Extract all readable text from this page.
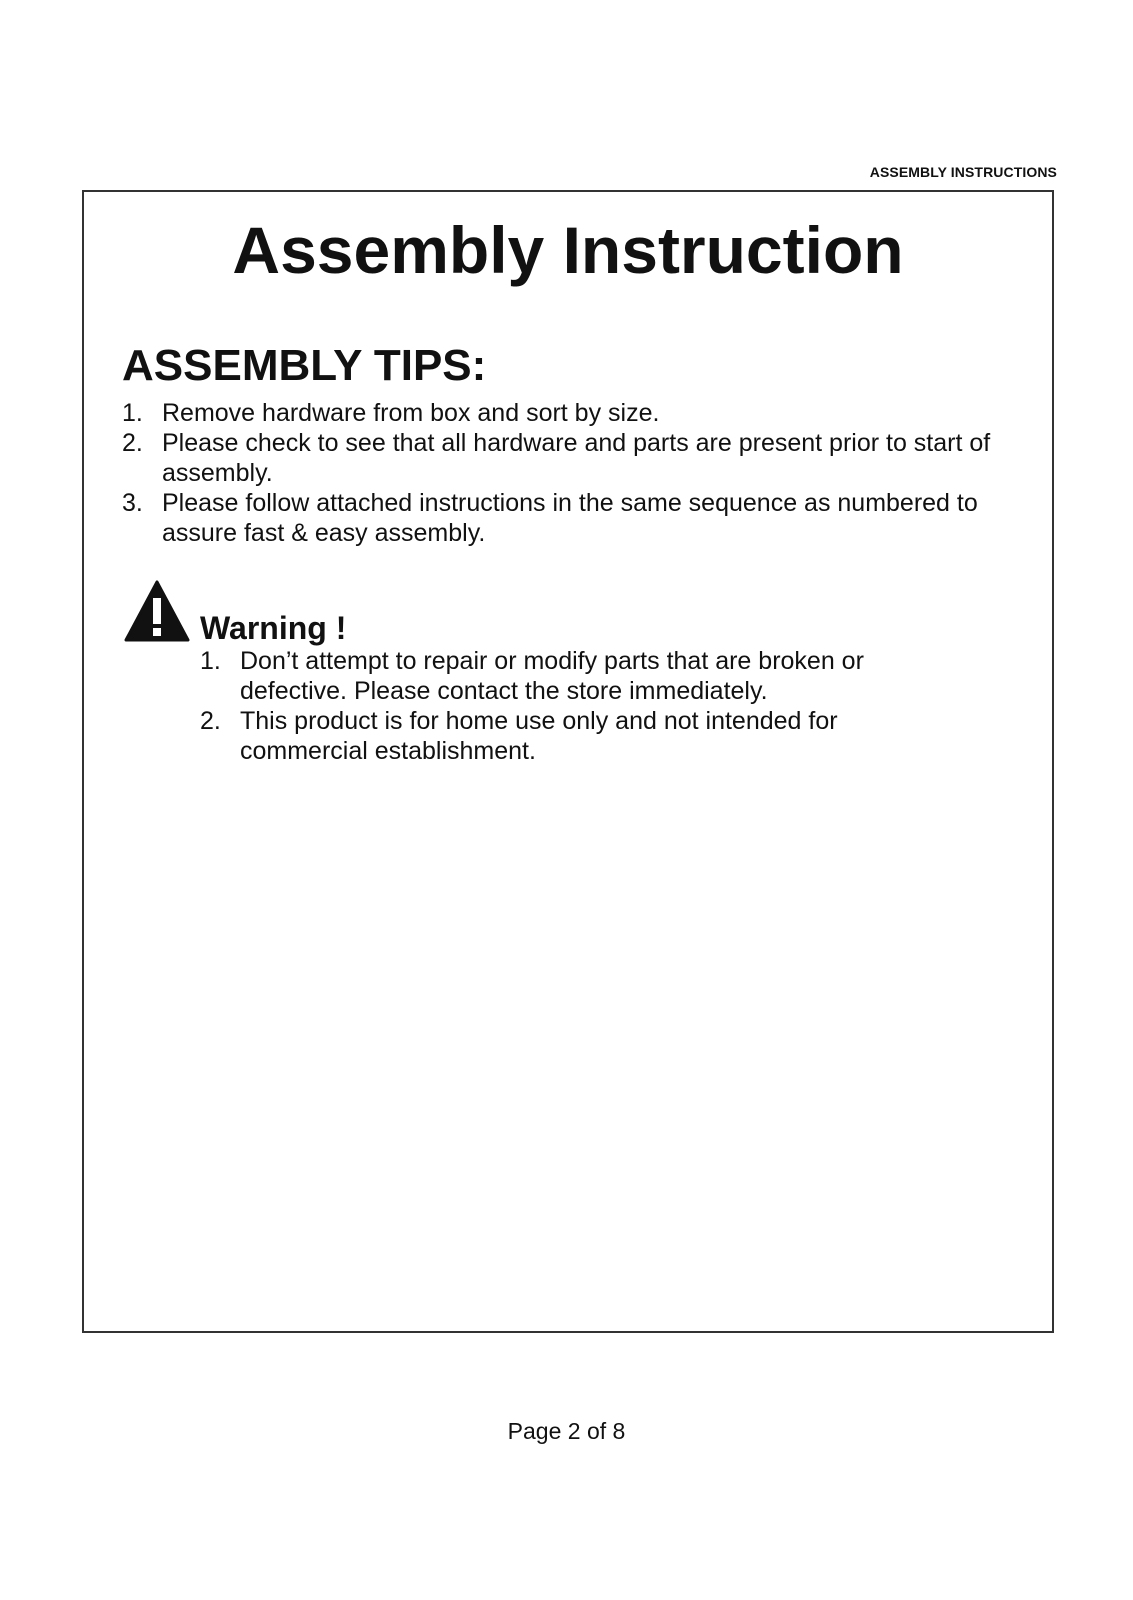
ASSEMBLY INSTRUCTIONS
Assembly Instruction
ASSEMBLY TIPS:
1. Remove hardware from box and sort by size.
2. Please check to see that all hardware and parts are present prior to start of assembly.
3. Please follow attached instructions in the same sequence as numbered to assure fast & easy assembly.
Warning !
1. Don’t attempt to repair or modify parts that are broken or defective. Please contact the store immediately.
2. This product is for home use only and not intended for commercial establishment.
Page 2 of 8
